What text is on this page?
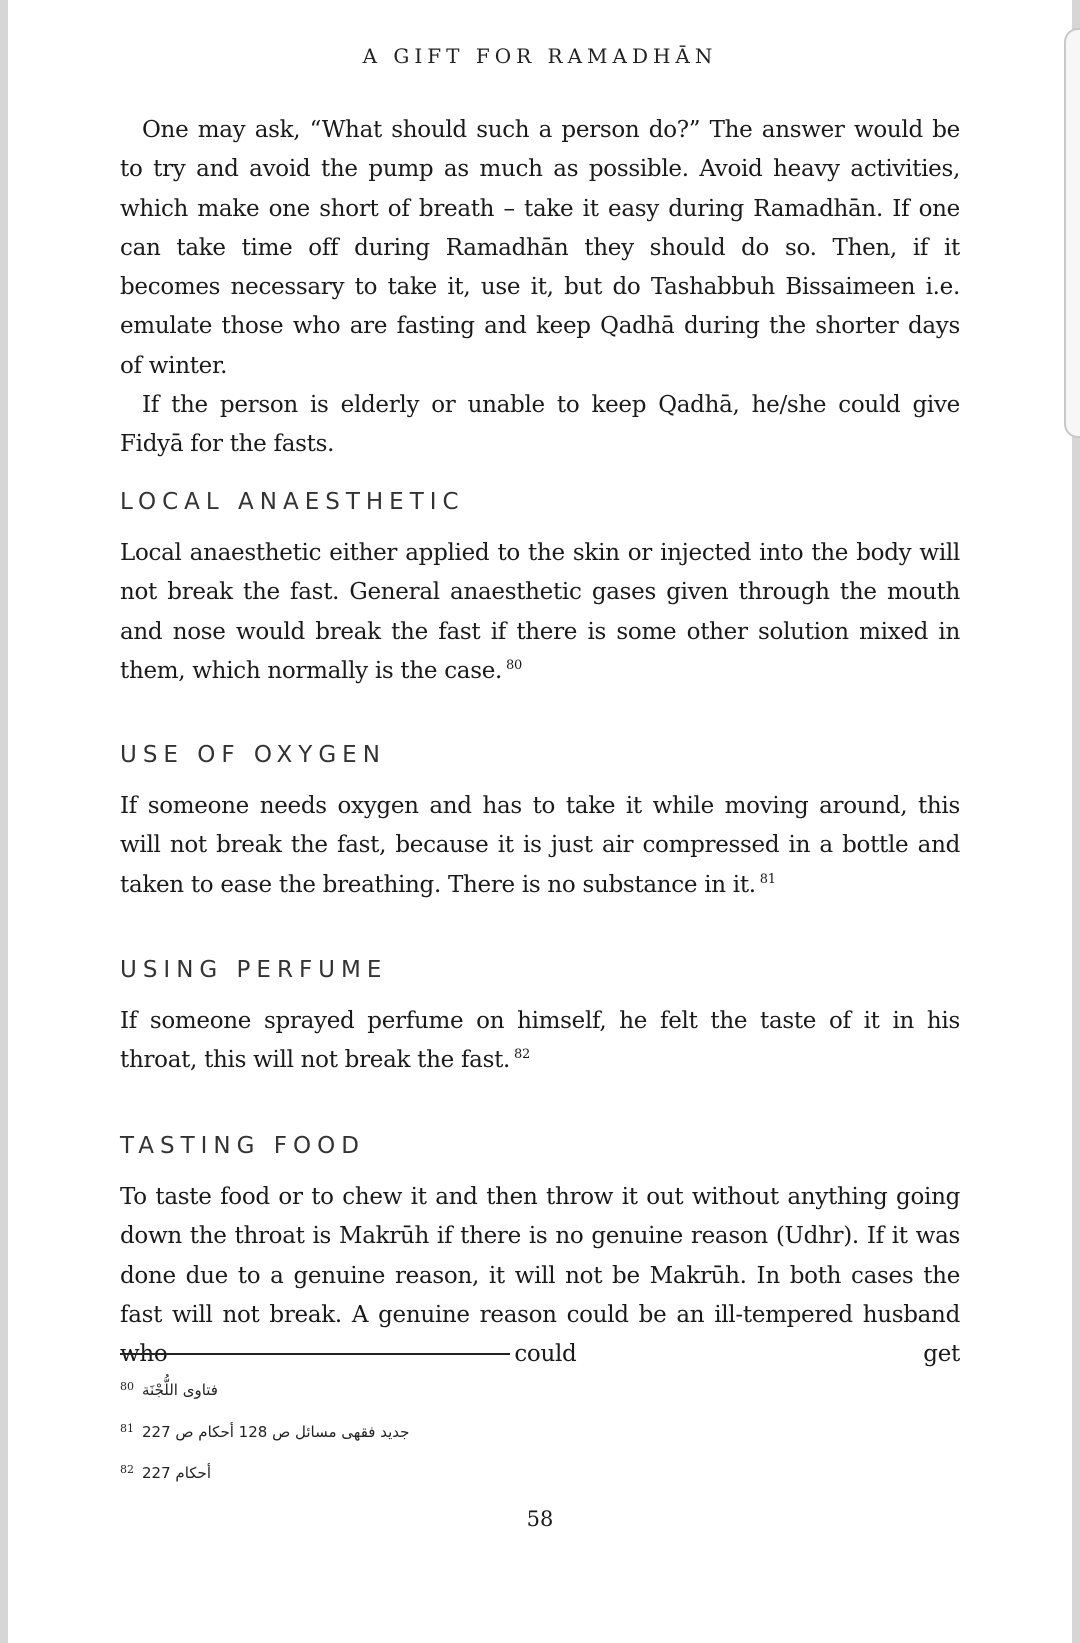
A GIFT FOR RAMADHĀN

One may ask, “What should such a person do?” The answer would be to try and avoid the pump as much as possible. Avoid heavy activities, which make one short of breath – take it easy during Ramadhān. If one can take time off during Ramadhān they should do so. Then, if it becomes necessary to take it, use it, but do Tashabbuh Bissaimeen i.e. emulate those who are fasting and keep Qadhā during the shorter days of winter.

If the person is elderly or unable to keep Qadhā, he/she could give Fidyā for the fasts.

LOCAL ANAESTHETIC

Local anaesthetic either applied to the skin or injected into the body will not break the fast. General anaesthetic gases given through the mouth and nose would break the fast if there is some other solution mixed in them, which normally is the case. $^{80}$

USE OF OXYGEN

If someone needs oxygen and has to take it while moving around, this will not break the fast, because it is just air compressed in a bottle and taken to ease the breathing. There is no substance in it. $^{81}$

USING PERFUME

If someone sprayed perfume on himself, he felt the taste of it in his throat, this will not break the fast. $^{82}$

TASTING FOOD

To taste food or to chew it and then throw it out without anything going down the throat is Makrūh if there is no genuine reason (Udhr). If it was done due to a genuine reason, it will not be Makrūh. In both cases the fast will not break. A genuine reason could be an ill-tempered husband who could get

$^{80}$ فتاوى اللُّجْنَة
$^{81}$ جديد فقهى مسائل ص 128 أحكام ص 227
$^{82}$ أحكام 227
58
